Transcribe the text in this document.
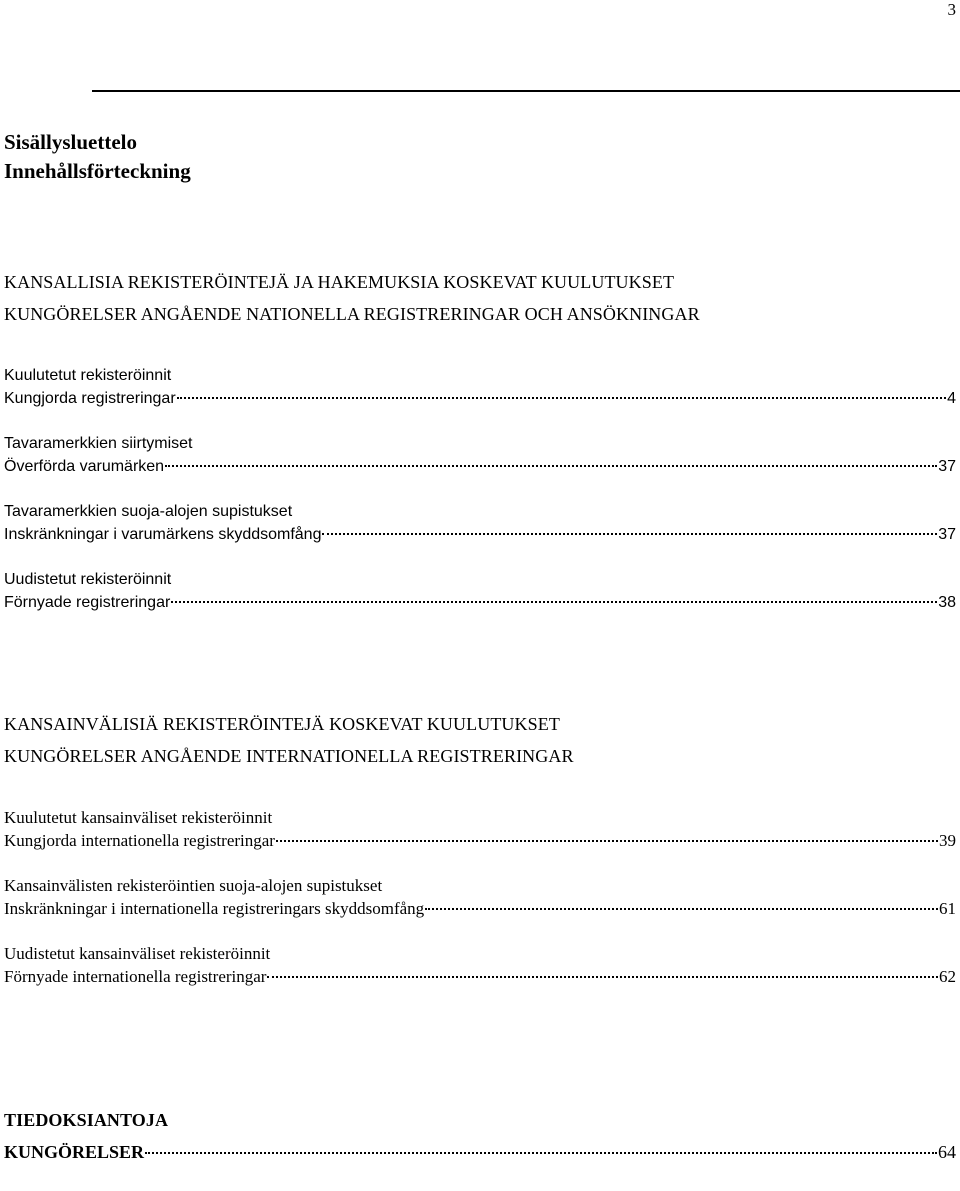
3
Sisällysluettelo
Innehållsförteckning
KANSALLISIA REKISTERÖINTEJÄ JA HAKEMUKSIA KOSKEVAT KUULUTUKSET
KUNGÖRELSER ANGÅENDE NATIONELLA REGISTRERINGAR OCH ANSÖKNINGAR
Kuulutetut rekisteröinnit
Kungjorda registreringar	4
Tavaramerkkien siirtymiset
Överförda varumärken	37
Tavaramerkkien suoja-alojen supistukset
Inskränkningar i varumärkens skyddsomfång	37
Uudistetut rekisteröinnit
Förnyade registreringar	38
KANSAINVÄLISIÄ REKISTERÖINTEJÄ KOSKEVAT KUULUTUKSET
KUNGÖRELSER ANGÅENDE INTERNATIONELLA REGISTRERINGAR
Kuulutetut kansainväliset rekisteröinnit
Kungjorda internationella registreringar	39
Kansainvälisten rekisteröintien suoja-alojen supistukset
Inskränkningar i internationella registreringars skyddsomfång	61
Uudistetut kansainväliset rekisteröinnit
Förnyade internationella registreringar	62
TIEDOKSIANTOJA
KUNGÖRELSER	64
